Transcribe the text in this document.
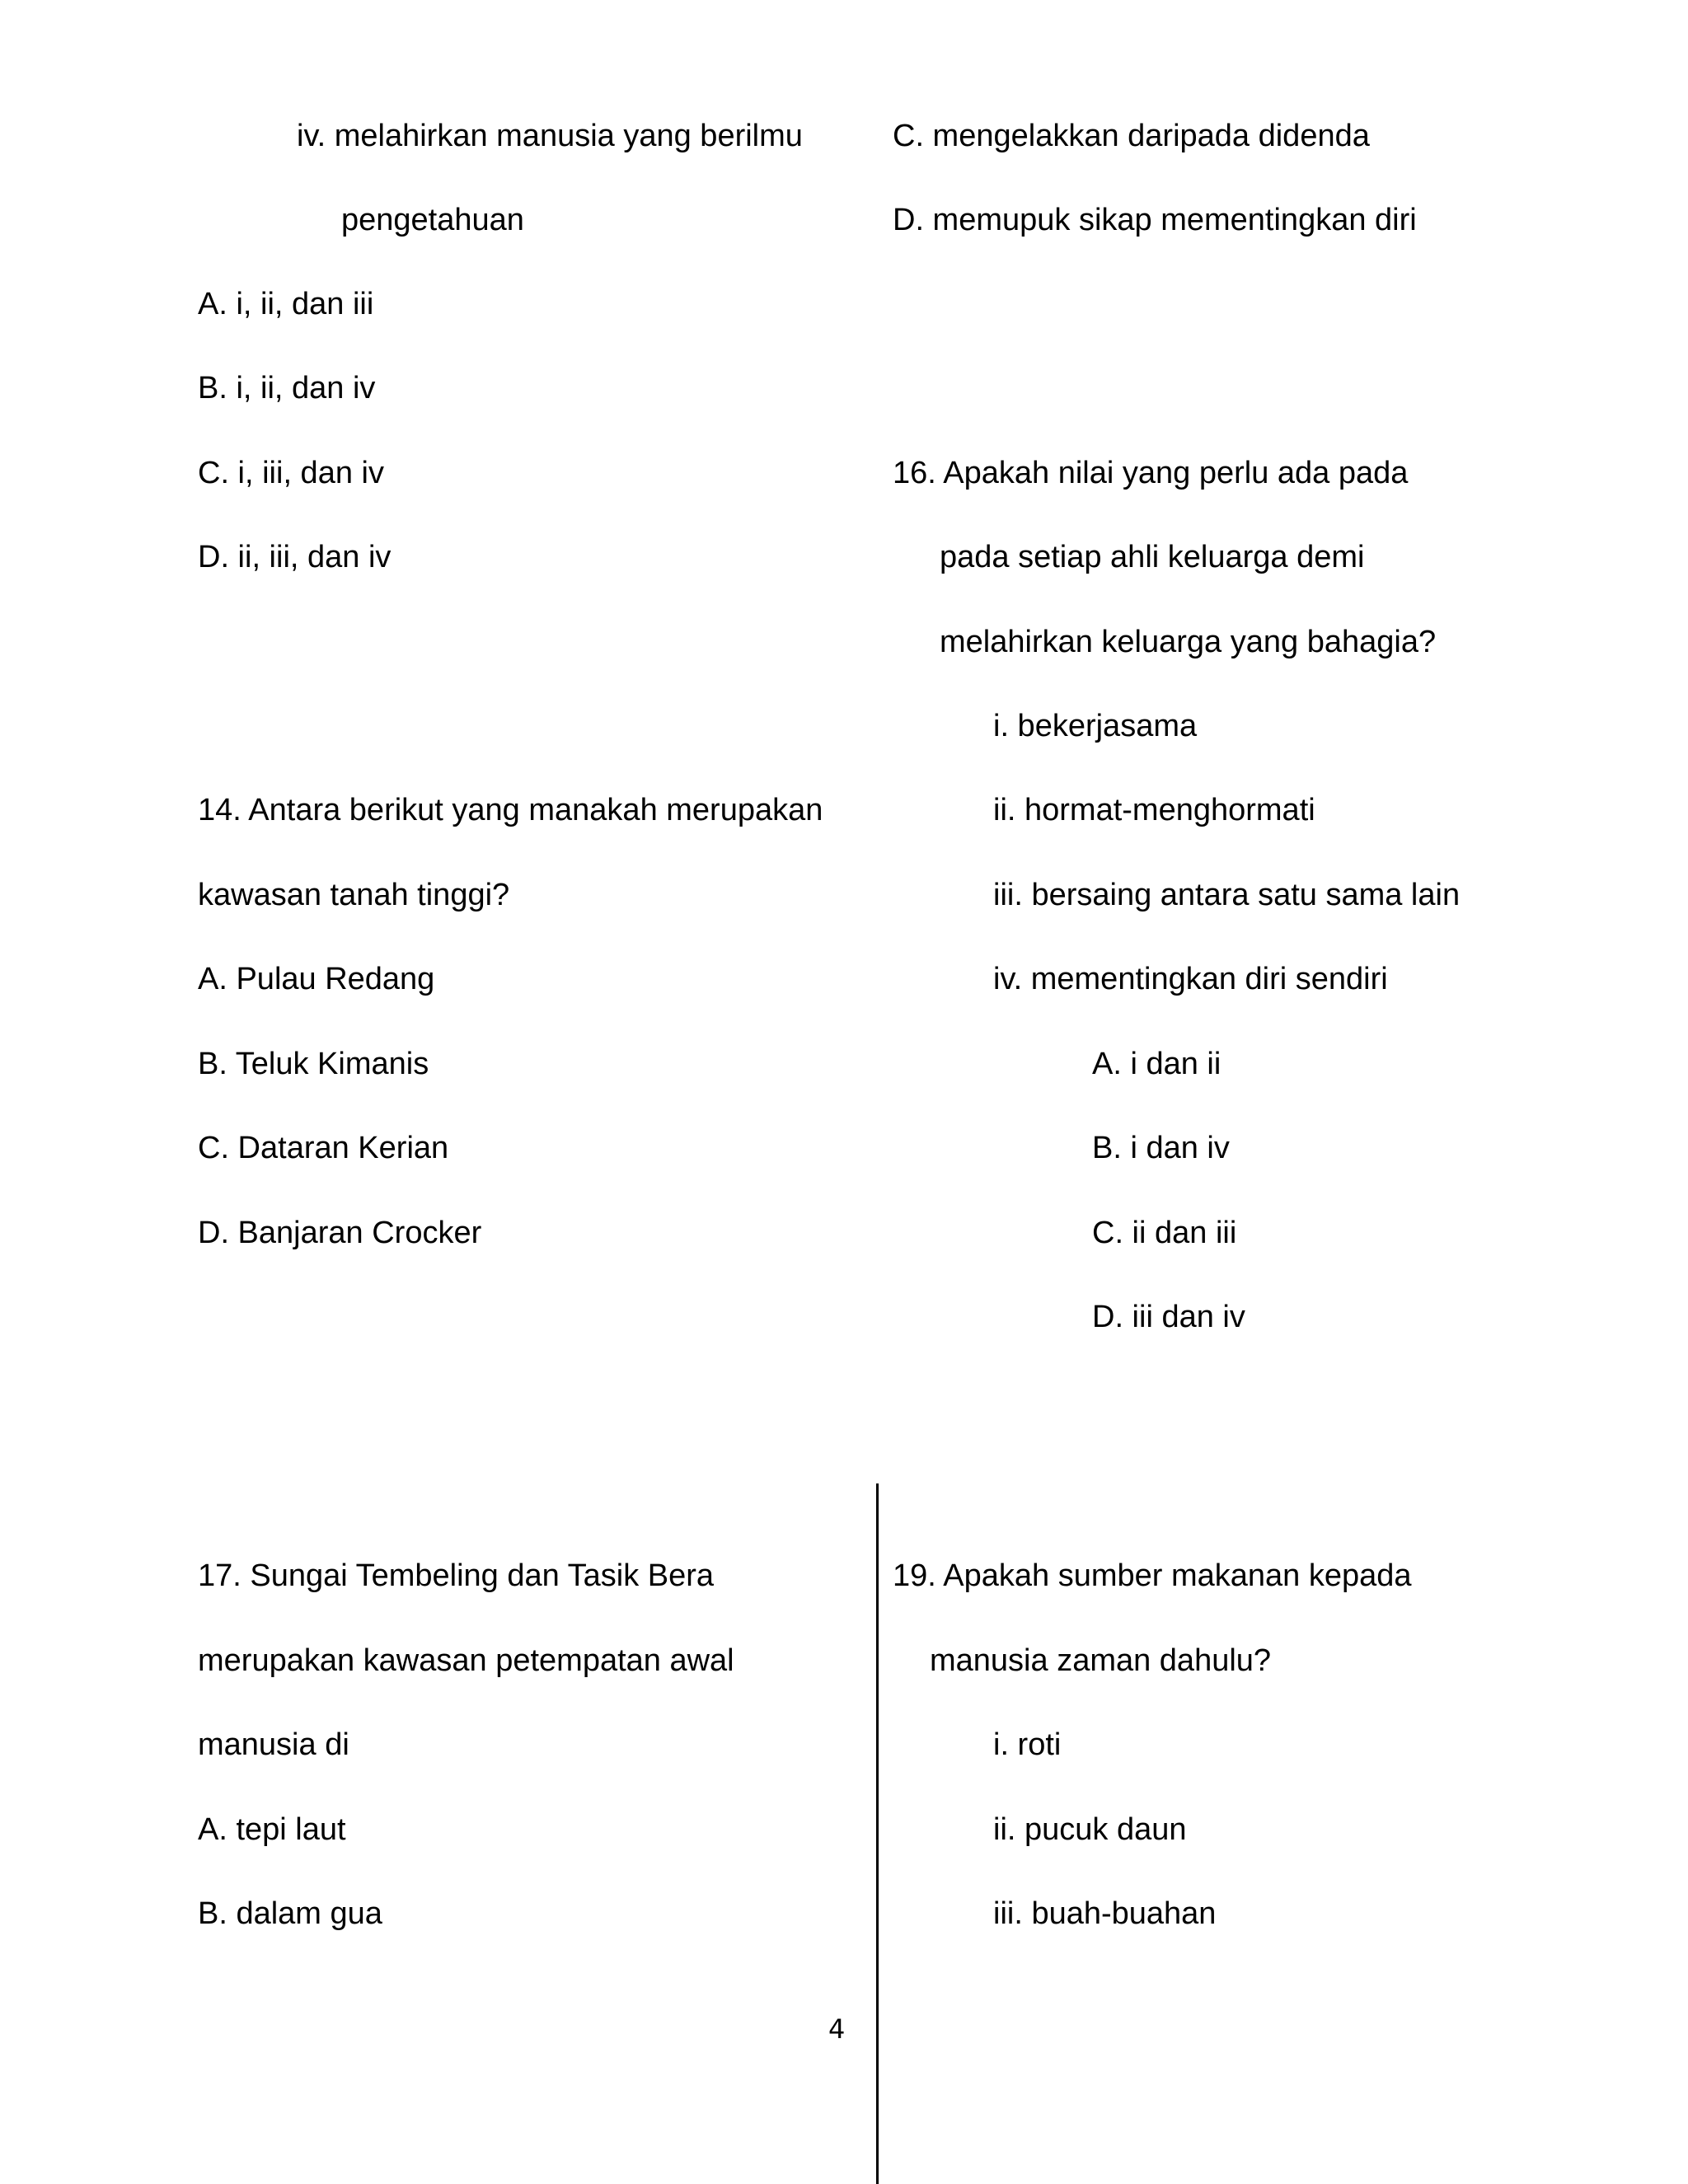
iv. melahirkan manusia yang berilmu

pengetahuan

A. i, ii, dan iii

B. i, ii, dan iv

C. i, iii, dan iv

D. ii, iii, dan iv

C. mengelakkan daripada didenda

D. memupuk sikap mementingkan diri

14. Antara berikut yang manakah merupakan

kawasan tanah tinggi?

A. Pulau Redang

B. Teluk Kimanis

C. Dataran Kerian

D. Banjaran Crocker

16. Apakah nilai yang perlu ada pada

pada setiap ahli keluarga demi

melahirkan keluarga yang bahagia?

i. bekerjasama

ii. hormat-menghormati

iii. bersaing antara satu sama lain

iv. mementingkan diri sendiri

A. i dan ii

B. i dan iv

C. ii dan iii

D. iii dan iv

17. Sungai Tembeling dan Tasik Bera

merupakan kawasan petempatan awal

manusia di

A. tepi laut

B. dalam gua

19. Apakah sumber makanan kepada

manusia zaman dahulu?

i. roti

ii. pucuk daun

iii. buah-buahan

4
